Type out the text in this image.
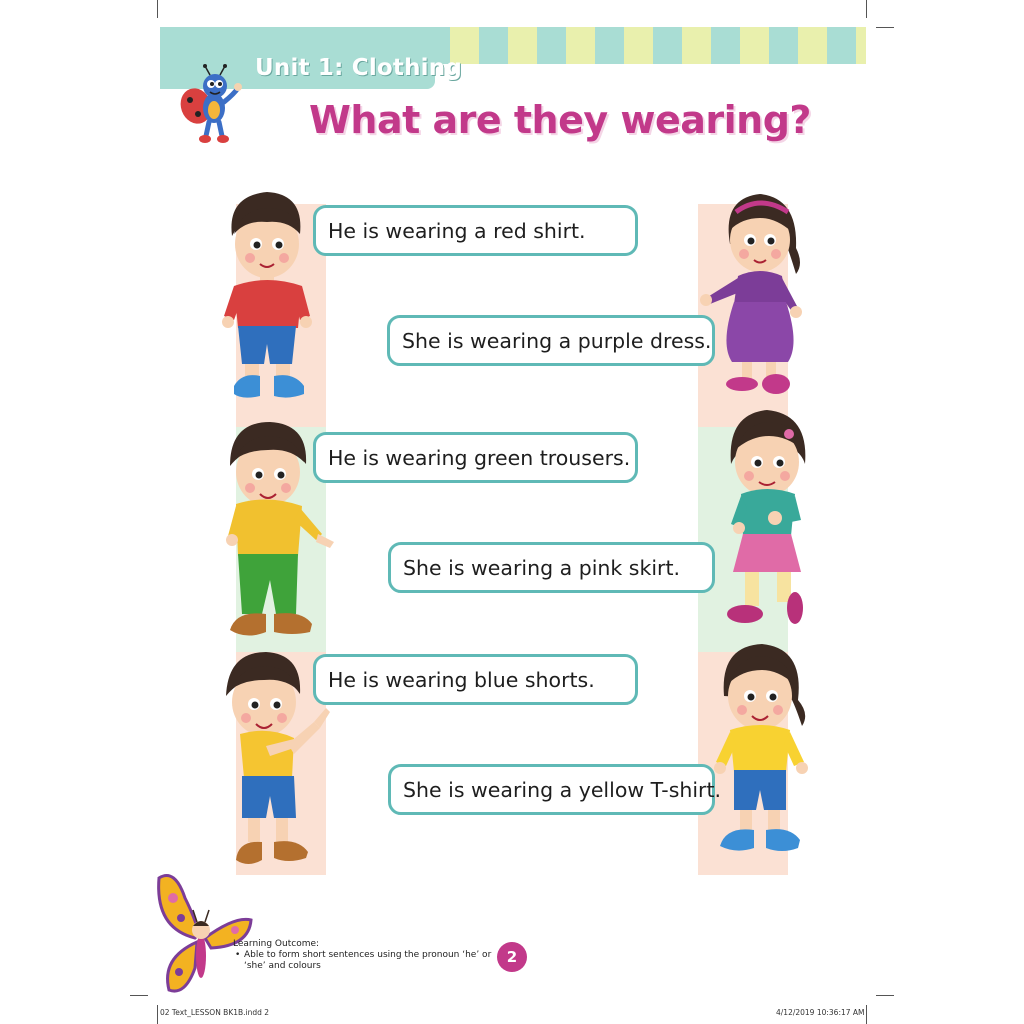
Unit 1: Clothing
What are they wearing?
He is wearing a red shirt.
She is wearing a purple dress.
He is wearing green trousers.
She is wearing a pink skirt.
He is wearing blue shorts.
She is wearing a yellow T-shirt.
Learning Outcome:
• Able to form short sentences using the pronoun ‘he’ or ‘she’ and colours	2
02 Text_LESSON BK1B.indd 2	4/12/2019 10:36:17 AM
